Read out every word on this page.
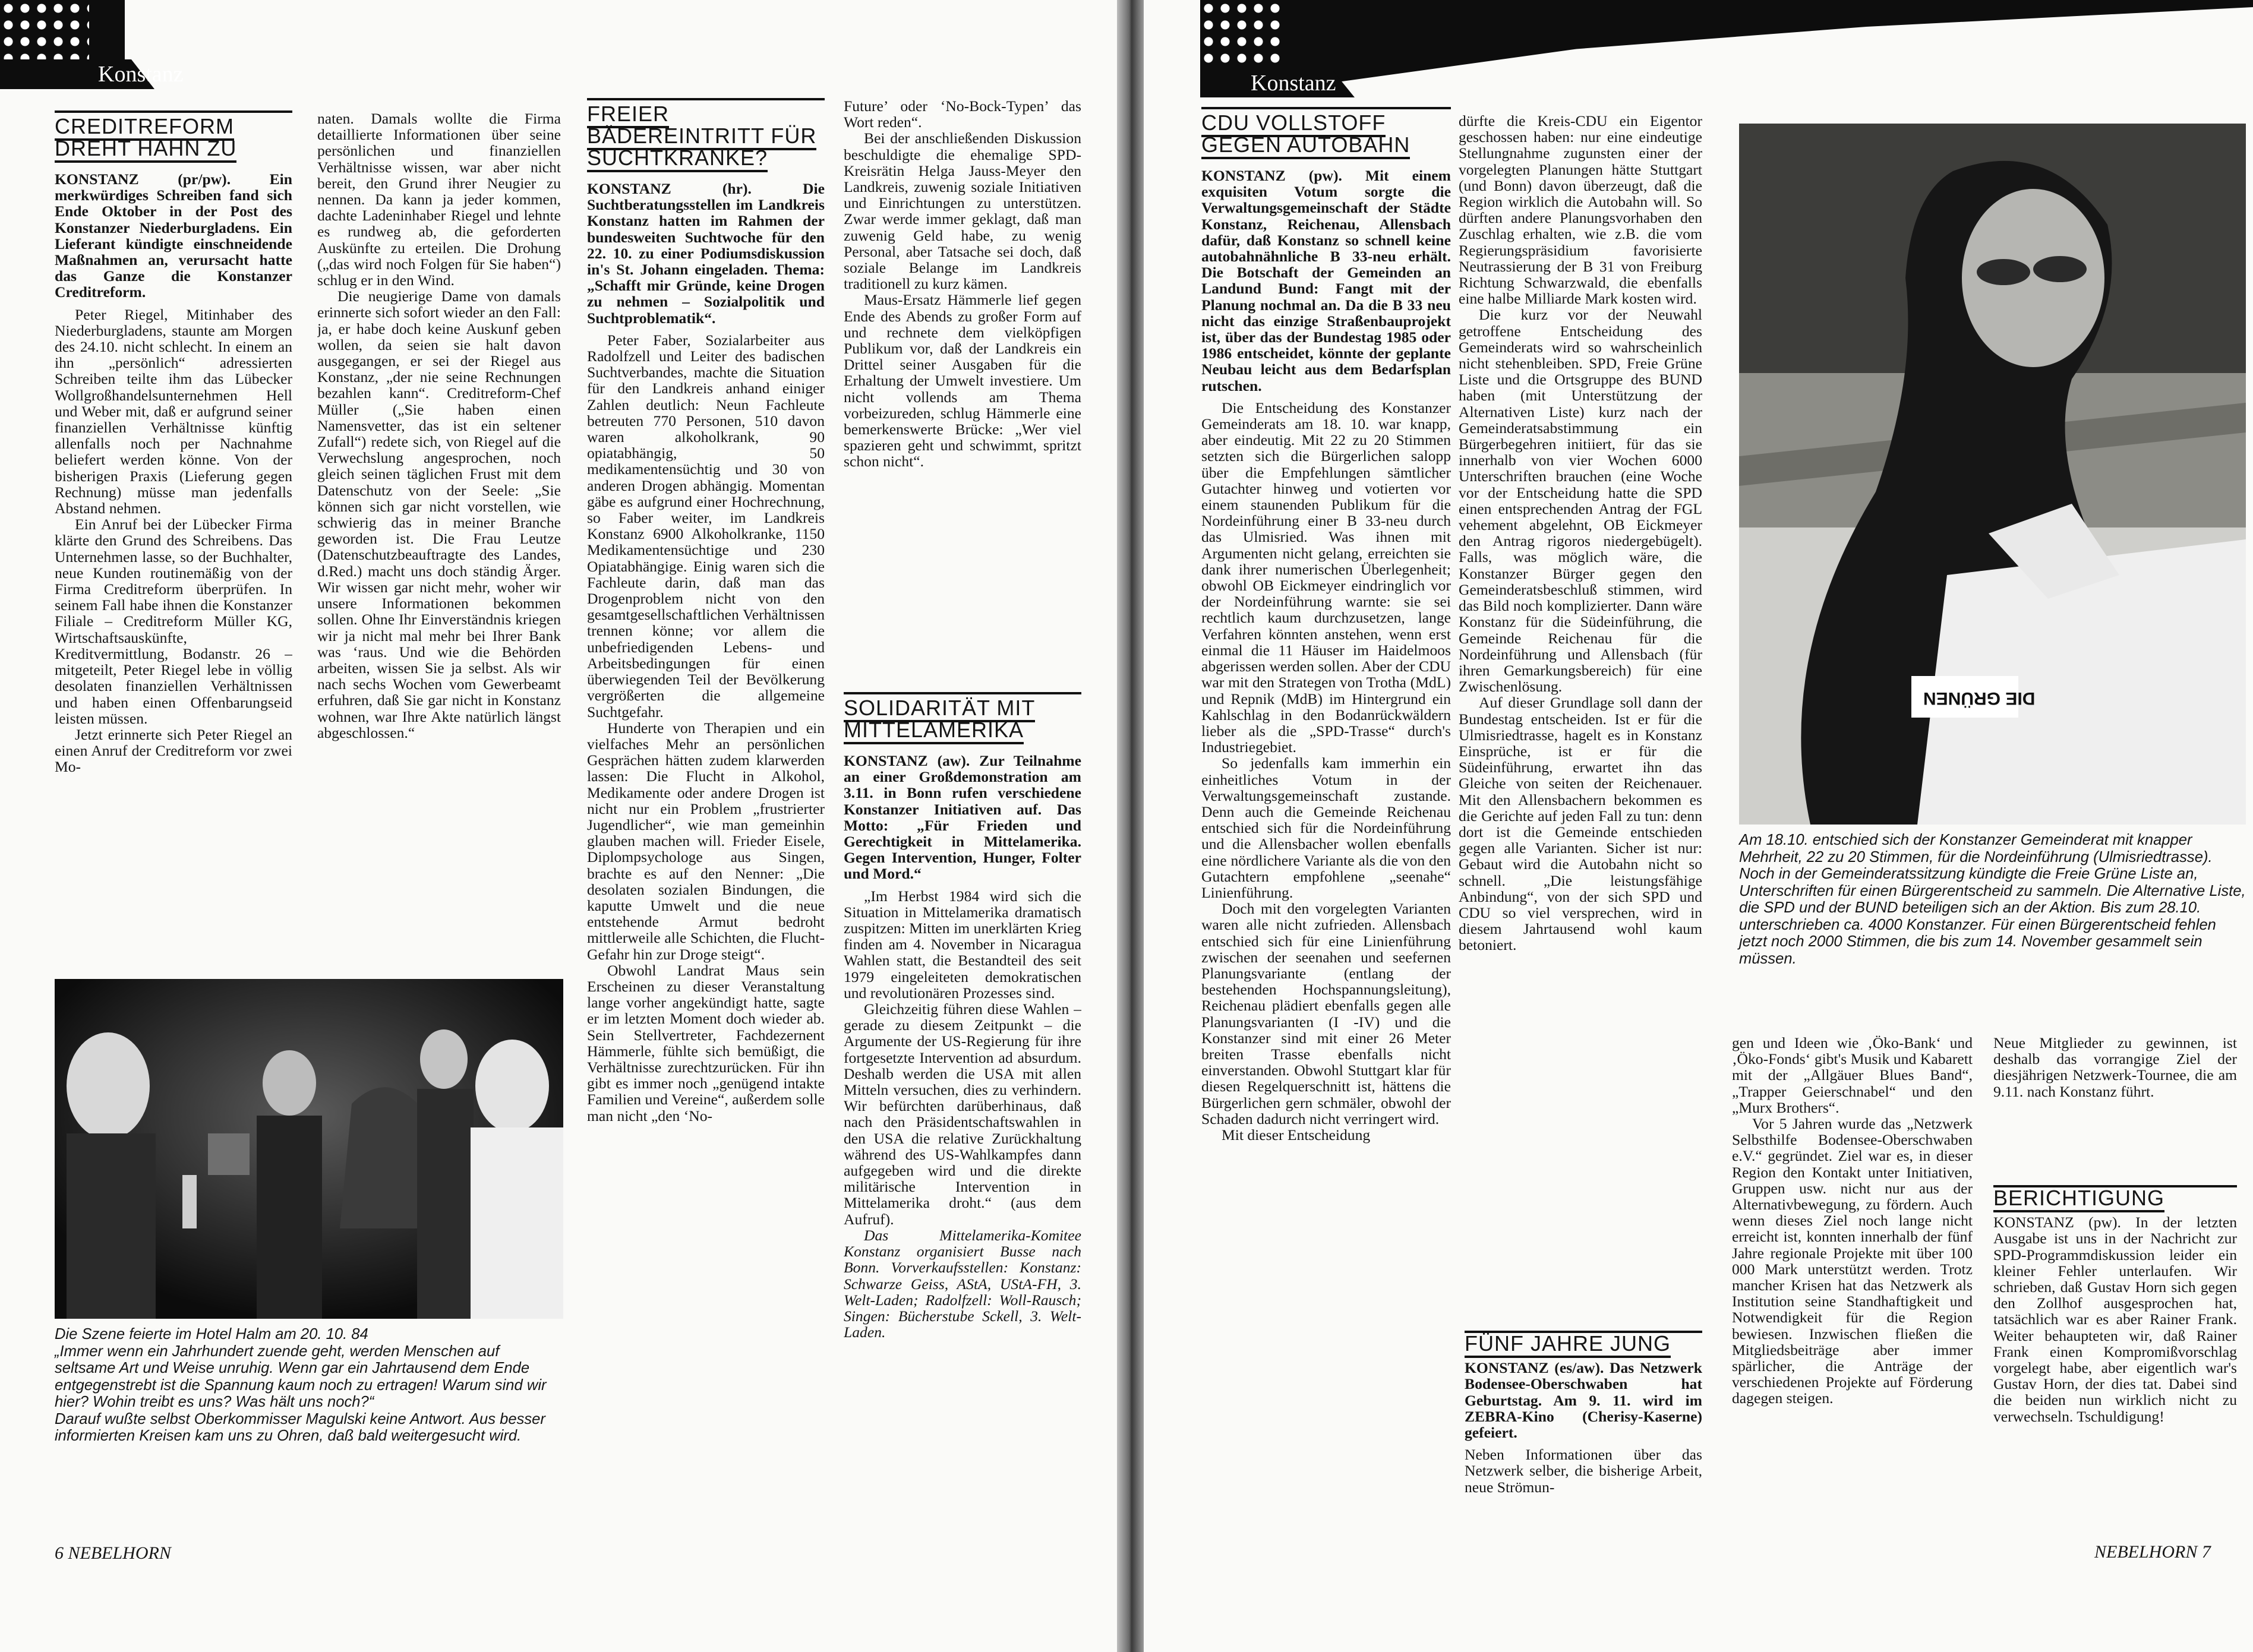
Konstanz
CREDITREFORM DREHT HAHN ZU

KONSTANZ (pr/pw). Ein merkwürdiges Schreiben fand sich Ende Oktober in der Post des Konstanzer Niederburgladens. Ein Lieferant kündigte einschneidende Maßnahmen an, verursacht hatte das Ganze die Konstanzer Creditreform.

Peter Riegel, Mitinhaber des Niederburgladens, staunte am Morgen des 24.10. nicht schlecht. In einem an ihn „persönlich“ adressierten Schreiben teilte ihm das Lübecker Wollgroßhandelsunternehmen Hell und Weber mit, daß er aufgrund seiner finanziellen Verhältnisse künftig allenfalls noch per Nachnahme beliefert werden könne. Von der bisherigen Praxis (Lieferung gegen Rechnung) müsse man jedenfalls Abstand nehmen.

Ein Anruf bei der Lübecker Firma klärte den Grund des Schreibens. Das Unternehmen lasse, so der Buchhalter, neue Kunden routinemäßig von der Firma Creditreform überprüfen. In seinem Fall habe ihnen die Konstanzer Filiale – Creditreform Müller KG, Wirtschaftsauskünfte, Kreditvermittlung, Bodanstr. 26 – mitgeteilt, Peter Riegel lebe in völlig desolaten finanziellen Verhältnissen und haben einen Offenbarungseid leisten müssen.

Jetzt erinnerte sich Peter Riegel an einen Anruf der Creditreform vor zwei Mo-

naten. Damals wollte die Firma detaillierte Informationen über seine persönlichen und finanziellen Verhältnisse wissen, war aber nicht bereit, den Grund ihrer Neugier zu nennen. Da kann ja jeder kommen, dachte Ladeninhaber Riegel und lehnte es rundweg ab, die geforderten Auskünfte zu erteilen. Die Drohung („das wird noch Folgen für Sie haben“) schlug er in den Wind.

Die neugierige Dame von damals erinnerte sich sofort wieder an den Fall: ja, er habe doch keine Auskunf geben wollen, da seien sie halt davon ausgegangen, er sei der Riegel aus Konstanz, „der nie seine Rechnungen bezahlen kann“. Creditreform-Chef Müller („Sie haben einen Namensvetter, das ist ein seltener Zufall“) redete sich, von Riegel auf die Verwechslung angesprochen, noch gleich seinen täglichen Frust mit dem Datenschutz von der Seele: „Sie können sich gar nicht vorstellen, wie schwierig das in meiner Branche geworden ist. Die Frau Leutze (Datenschutzbeauftragte des Landes, d.Red.) macht uns doch ständig Ärger. Wir wissen gar nicht mehr, woher wir unsere Informationen bekommen sollen. Ohne Ihr Einverständnis kriegen wir ja nicht mal mehr bei Ihrer Bank was ‘raus. Und wie die Behörden arbeiten, wissen Sie ja selbst. Als wir nach sechs Wochen vom Gewerbeamt erfuhren, daß Sie gar nicht in Konstanz wohnen, war Ihre Akte natürlich längst abgeschlossen.“

Die Szene feierte im Hotel Halm am 20. 10. 84
„Immer wenn ein Jahrhundert zuende geht, werden Menschen auf seltsame Art und Weise unruhig. Wenn gar ein Jahrtausend dem Ende entgegenstrebt ist die Spannung kaum noch zu ertragen! Warum sind wir hier? Wohin treibt es uns? Was hält uns noch?“
Darauf wußte selbst Oberkommisser Magulski keine Antwort. Aus besser informierten Kreisen kam uns zu Ohren, daß bald weitergesucht wird.
FREIER BÄDEREINTRITT FÜR SUCHTKRANKE?

KONSTANZ (hr). Die Suchtberatungsstellen im Landkreis Konstanz hatten im Rahmen der bundesweiten Suchtwoche für den 22. 10. zu einer Podiumsdiskussion in's St. Johann eingeladen. Thema: „Schafft mir Gründe, keine Drogen zu nehmen – Sozialpolitik und Suchtproblematik“.

Peter Faber, Sozialarbeiter aus Radolfzell und Leiter des badischen Suchtverbandes, machte die Situation für den Landkreis anhand einiger Zahlen deutlich: Neun Fachleute betreuten 770 Personen, 510 davon waren alkoholkrank, 90 opiatabhängig, 50 medikamentensüchtig und 30 von anderen Drogen abhängig. Momentan gäbe es aufgrund einer Hochrechnung, so Faber weiter, im Landkreis Konstanz 6900 Alkoholkranke, 1150 Medikamentensüchtige und 230 Opiatabhängige. Einig waren sich die Fachleute darin, daß man das Drogenproblem nicht von den gesamtgesellschaftlichen Verhältnissen trennen könne; vor allem die unbefriedigenden Lebens- und Arbeitsbedingungen für einen überwiegenden Teil der Bevölkerung vergrößerten die allgemeine Suchtgefahr.

Hunderte von Therapien und ein vielfaches Mehr an persönlichen Gesprächen hätten zudem klarwerden lassen: Die Flucht in Alkohol, Medikamente oder andere Drogen ist nicht nur ein Problem „frustrierter Jugendlicher“, wie man gemeinhin glauben machen will. Frieder Eisele, Diplompsychologe aus Singen, brachte es auf den Nenner: „Die desolaten sozialen Bindungen, die kaputte Umwelt und die neue entstehende Armut bedroht mittlerweile alle Schichten, die Flucht-Gefahr hin zur Droge steigt“.

Obwohl Landrat Maus sein Erscheinen zu dieser Veranstaltung lange vorher angekündigt hatte, sagte er im letzten Moment doch wieder ab. Sein Stellvertreter, Fachdezernent Hämmerle, fühlte sich bemüßigt, die Verhältnisse zurechtzurücken. Für ihn gibt es immer noch „genügend intakte Familien und Vereine“, außerdem solle man nicht „den ‘No-

Future’ oder ‘No-Bock-Typen’ das Wort reden“.

Bei der anschließenden Diskussion beschuldigte die ehemalige SPD-Kreisrätin Helga Jauss-Meyer den Landkreis, zuwenig soziale Initiativen und Einrichtungen zu unterstützen. Zwar werde immer geklagt, daß man zuwenig Geld habe, zu wenig Personal, aber Tatsache sei doch, daß soziale Belange im Landkreis traditionell zu kurz kämen.

Maus-Ersatz Hämmerle lief gegen Ende des Abends zu großer Form auf und rechnete dem vielköpfigen Publikum vor, daß der Landkreis ein Drittel seiner Ausgaben für die Erhaltung der Umwelt investiere. Um nicht vollends am Thema vorbeizureden, schlug Hämmerle eine bemerkenswerte Brücke: „Wer viel spazieren geht und schwimmt, spritzt schon nicht“.

SOLIDARITÄT MIT MITTELAMERIKA

KONSTANZ (aw). Zur Teilnahme an einer Großdemonstration am 3.11. in Bonn rufen verschiedene Konstanzer Initiativen auf. Das Motto: „Für Frieden und Gerechtigkeit in Mittelamerika. Gegen Intervention, Hunger, Folter und Mord.“

„Im Herbst 1984 wird sich die Situation in Mittelamerika dramatisch zuspitzen: Mitten im unerklärten Krieg finden am 4. November in Nicaragua Wahlen statt, die Bestandteil des seit 1979 eingeleiteten demokratischen und revolutionären Prozesses sind.

Gleichzeitig führen diese Wahlen – gerade zu diesem Zeitpunkt – die Argumente der US-Regierung für ihre fortgesetzte Intervention ad absurdum. Deshalb werden die USA mit allen Mitteln versuchen, dies zu verhindern. Wir befürchten darüberhinaus, daß nach den Präsidentschaftswahlen in den USA die relative Zurückhaltung während des US-Wahlkampfes dann aufgegeben wird und die direkte militärische Intervention in Mittelamerika droht.“ (aus dem Aufruf).

Das Mittelamerika-Komitee Konstanz organisiert Busse nach Bonn. Vorverkaufsstellen: Konstanz: Schwarze Geiss, AStA, UStA-FH, 3. Welt-Laden; Radolfzell: Woll-Rausch; Singen: Bücherstube Sckell, 3. Welt-Laden.

6 NEBELHORN
Konstanz
CDU VOLLSTOFF GEGEN AUTOBAHN

KONSTANZ (pw). Mit einem exquisiten Votum sorgte die Verwaltungsgemeinschaft der Städte Konstanz, Reichenau, Allensbach dafür, daß Konstanz so schnell keine autobahnähnliche B 33-neu erhält. Die Botschaft der Gemeinden an Landund Bund: Fangt mit der Planung nochmal an. Da die B 33 neu nicht das einzige Straßenbauprojekt ist, über das der Bundestag 1985 oder 1986 entscheidet, könnte der geplante Neubau leicht aus dem Bedarfsplan rutschen.

Die Entscheidung des Konstanzer Gemeinderats am 18. 10. war knapp, aber eindeutig. Mit 22 zu 20 Stimmen setzten sich die Bürgerlichen salopp über die Empfehlungen sämtlicher Gutachter hinweg und votierten vor einem staunenden Publikum für die Nordeinführung einer B 33-neu durch das Ulmisried. Was ihnen mit Argumenten nicht gelang, erreichten sie dank ihrer numerischen Überlegenheit; obwohl OB Eickmeyer eindringlich vor der Nordeinführung warnte: sie sei rechtlich kaum durchzusetzen, lange Verfahren könnten anstehen, wenn erst einmal die 11 Häuser im Haidelmoos abgerissen werden sollen. Aber der CDU war mit den Strategen von Trotha (MdL) und Repnik (MdB) im Hintergrund ein Kahlschlag in den Bodanrückwäldern lieber als die „SPD-Trasse“ durch's Industriegebiet.

So jedenfalls kam immerhin ein einheitliches Votum in der Verwaltungsgemeinschaft zustande. Denn auch die Gemeinde Reichenau entschied sich für die Nordeinführung und die Allensbacher wollen ebenfalls eine nördlichere Variante als die von den Gutachtern empfohlene „seenahe“ Linienführung.

Doch mit den vorgelegten Varianten waren alle nicht zufrieden. Allensbach entschied sich für eine Linienführung zwischen der seenahen und seefernen Planungsvariante (entlang der bestehenden Hochspannungsleitung), Reichenau plädiert ebenfalls gegen alle Planungsvarianten (I -IV) und die Konstanzer sind mit einer 26 Meter breiten Trasse ebenfalls nicht einverstanden. Obwohl Stuttgart klar für diesen Regelquerschnitt ist, hättens die Bürgerlichen gern schmäler, obwohl der Schaden dadurch nicht verringert wird.

Mit dieser Entscheidung

dürfte die Kreis-CDU ein Eigentor geschossen haben: nur eine eindeutige Stellungnahme zugunsten einer der vorgelegten Planungen hätte Stuttgart (und Bonn) davon überzeugt, daß die Region wirklich die Autobahn will. So dürften andere Planungsvorhaben den Zuschlag erhalten, wie z.B. die vom Regierungspräsidium favorisierte Neutrassierung der B 31 von Freiburg Richtung Schwarzwald, die ebenfalls eine halbe Milliarde Mark kosten wird.

Die kurz vor der Neuwahl getroffene Entscheidung des Gemeinderats wird so wahrscheinlich nicht stehenbleiben. SPD, Freie Grüne Liste und die Ortsgruppe des BUND haben (mit Unterstützung der Alternativen Liste) kurz nach der Gemeinderatsabstimmung ein Bürgerbegehren initiiert, für das sie innerhalb von vier Wochen 6000 Unterschriften brauchen (eine Woche vor der Entscheidung hatte die SPD einen entsprechenden Antrag der FGL vehement abgelehnt, OB Eickmeyer den Antrag rigoros niedergebügelt). Falls, was möglich wäre, die Konstanzer Bürger gegen den Gemeinderatsbeschluß stimmen, wird das Bild noch komplizierter. Dann wäre Konstanz für die Südeinführung, die Gemeinde Reichenau für die Nordeinführung und Allensbach (für ihren Gemarkungsbereich) für eine Zwischenlösung.

Auf dieser Grundlage soll dann der Bundestag entscheiden. Ist er für die Ulmisriedtrasse, hagelt es in Konstanz Einsprüche, ist er für die Südeinführung, erwartet ihn das Gleiche von seiten der Reichenauer. Mit den Allensbachern bekommen es die Gerichte auf jeden Fall zu tun: denn dort ist die Gemeinde entschieden gegen alle Varianten. Sicher ist nur: Gebaut wird die Autobahn nicht so schnell. „Die leistungsfähige Anbindung“, von der sich SPD und CDU so viel versprechen, wird in diesem Jahrtausend wohl kaum betoniert.

DIE GRÜNEN
Am 18.10. entschied sich der Konstanzer Gemeinderat mit knapper Mehrheit, 22 zu 20 Stimmen, für die Nordeinführung (Ulmisriedtrasse). Noch in der Gemeinderatssitzung kündigte die Freie Grüne Liste an, Unterschriften für einen Bürgerentscheid zu sammeln. Die Alternative Liste, die SPD und der BUND beteiligen sich an der Aktion. Bis zum 28.10. unterschrieben ca. 4000 Konstanzer. Für einen Bürgerentscheid fehlen jetzt noch 2000 Stimmen, die bis zum 14. November gesammelt sein müssen.
FÜNF JAHRE JUNG

KONSTANZ (es/aw). Das Netzwerk Bodensee-Oberschwaben hat Geburtstag. Am 9. 11. wird im ZEBRA-Kino (Cherisy-Kaserne) gefeiert.

Neben Informationen über das Netzwerk selber, die bisherige Arbeit, neue Strömun-

gen und Ideen wie ‚Öko-Bank‘ und ‚Öko-Fonds‘ gibt's Musik und Kabarett mit der „Allgäuer Blues Band“, „Trapper Geierschnabel“ und den „Murx Brothers“.

Vor 5 Jahren wurde das „Netzwerk Selbsthilfe Bodensee-Oberschwaben e.V.“ gegründet. Ziel war es, in dieser Region den Kontakt unter Initiativen, Gruppen usw. nicht nur aus der Alternativbewegung, zu fördern. Auch wenn dieses Ziel noch lange nicht erreicht ist, konnten innerhalb der fünf Jahre regionale Projekte mit über 100 000 Mark unterstützt werden. Trotz mancher Krisen hat das Netzwerk als Institution seine Standhaftigkeit und Notwendigkeit für die Region bewiesen. Inzwischen fließen die Mitgliedsbeiträge aber immer spärlicher, die Anträge der verschiedenen Projekte auf Förderung dagegen steigen.

Neue Mitglieder zu gewinnen, ist deshalb das vorrangige Ziel der diesjährigen Netzwerk-Tournee, die am 9.11. nach Konstanz führt.

BERICHTIGUNG

KONSTANZ (pw). In der letzten Ausgabe ist uns in der Nachricht zur SPD-Programmdiskussion leider ein kleiner Fehler unterlaufen. Wir schrieben, daß Gustav Horn sich gegen den Zollhof ausgesprochen hat, tatsächlich war es aber Rainer Frank. Weiter behaupteten wir, daß Rainer Frank einen Kompromißvorschlag vorgelegt habe, aber eigentlich war's Gustav Horn, der dies tat. Dabei sind die beiden nun wirklich nicht zu verwechseln. Tschuldigung!

NEBELHORN 7
